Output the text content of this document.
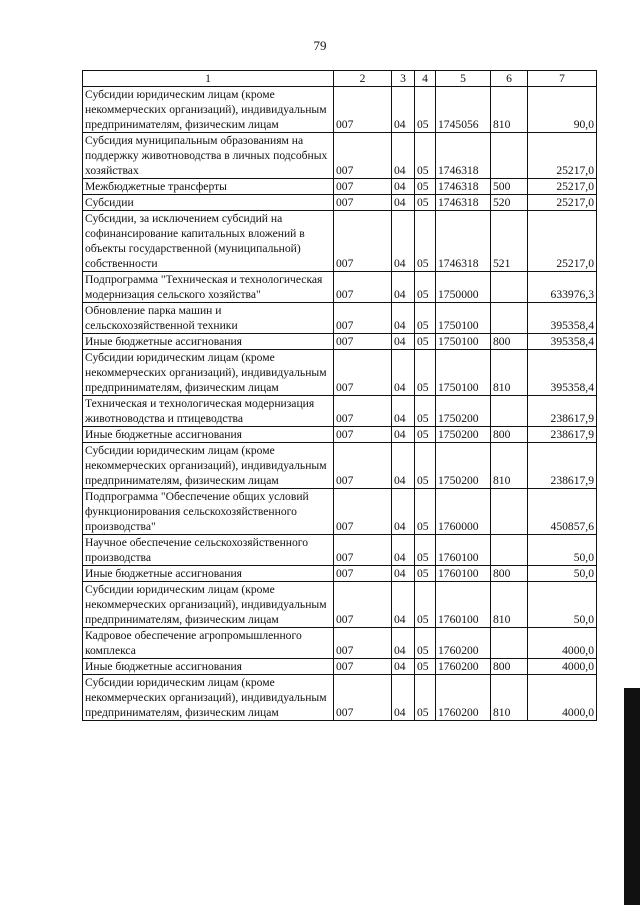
79
1	2	3	4	5	6	7
Субсидии юридическим лицам (кроме некоммерческих организаций), индивидуальным предпринимателям, физическим лицам	007	04	05	1745056	810	90,0
Субсидия муниципальным образованиям на поддержку животноводства в личных подсобных хозяйствах	007	04	05	1746318		25217,0
Межбюджетные трансферты	007	04	05	1746318	500	25217,0
Субсидии	007	04	05	1746318	520	25217,0
Субсидии, за исключением субсидий на софинансирование капитальных вложений в объекты государственной (муниципальной) собственности	007	04	05	1746318	521	25217,0
Подпрограмма "Техническая и технологическая модернизация сельского хозяйства"	007	04	05	1750000		633976,3
Обновление парка машин и сельскохозяйственной техники	007	04	05	1750100		395358,4
Иные бюджетные ассигнования	007	04	05	1750100	800	395358,4
Субсидии юридическим лицам (кроме некоммерческих организаций), индивидуальным предпринимателям, физическим лицам	007	04	05	1750100	810	395358,4
Техническая и технологическая модернизация животноводства и птицеводства	007	04	05	1750200		238617,9
Иные бюджетные ассигнования	007	04	05	1750200	800	238617,9
Субсидии юридическим лицам (кроме некоммерческих организаций), индивидуальным предпринимателям, физическим лицам	007	04	05	1750200	810	238617,9
Подпрограмма "Обеспечение общих условий функционирования сельскохозяйственного производства"	007	04	05	1760000		450857,6
Научное обеспечение сельскохозяйственного производства	007	04	05	1760100		50,0
Иные бюджетные ассигнования	007	04	05	1760100	800	50,0
Субсидии юридическим лицам (кроме некоммерческих организаций), индивидуальным предпринимателям, физическим лицам	007	04	05	1760100	810	50,0
Кадровое обеспечение агропромышленного комплекса	007	04	05	1760200		4000,0
Иные бюджетные ассигнования	007	04	05	1760200	800	4000,0
Субсидии юридическим лицам (кроме некоммерческих организаций), индивидуальным предпринимателям, физическим лицам	007	04	05	1760200	810	4000,0
